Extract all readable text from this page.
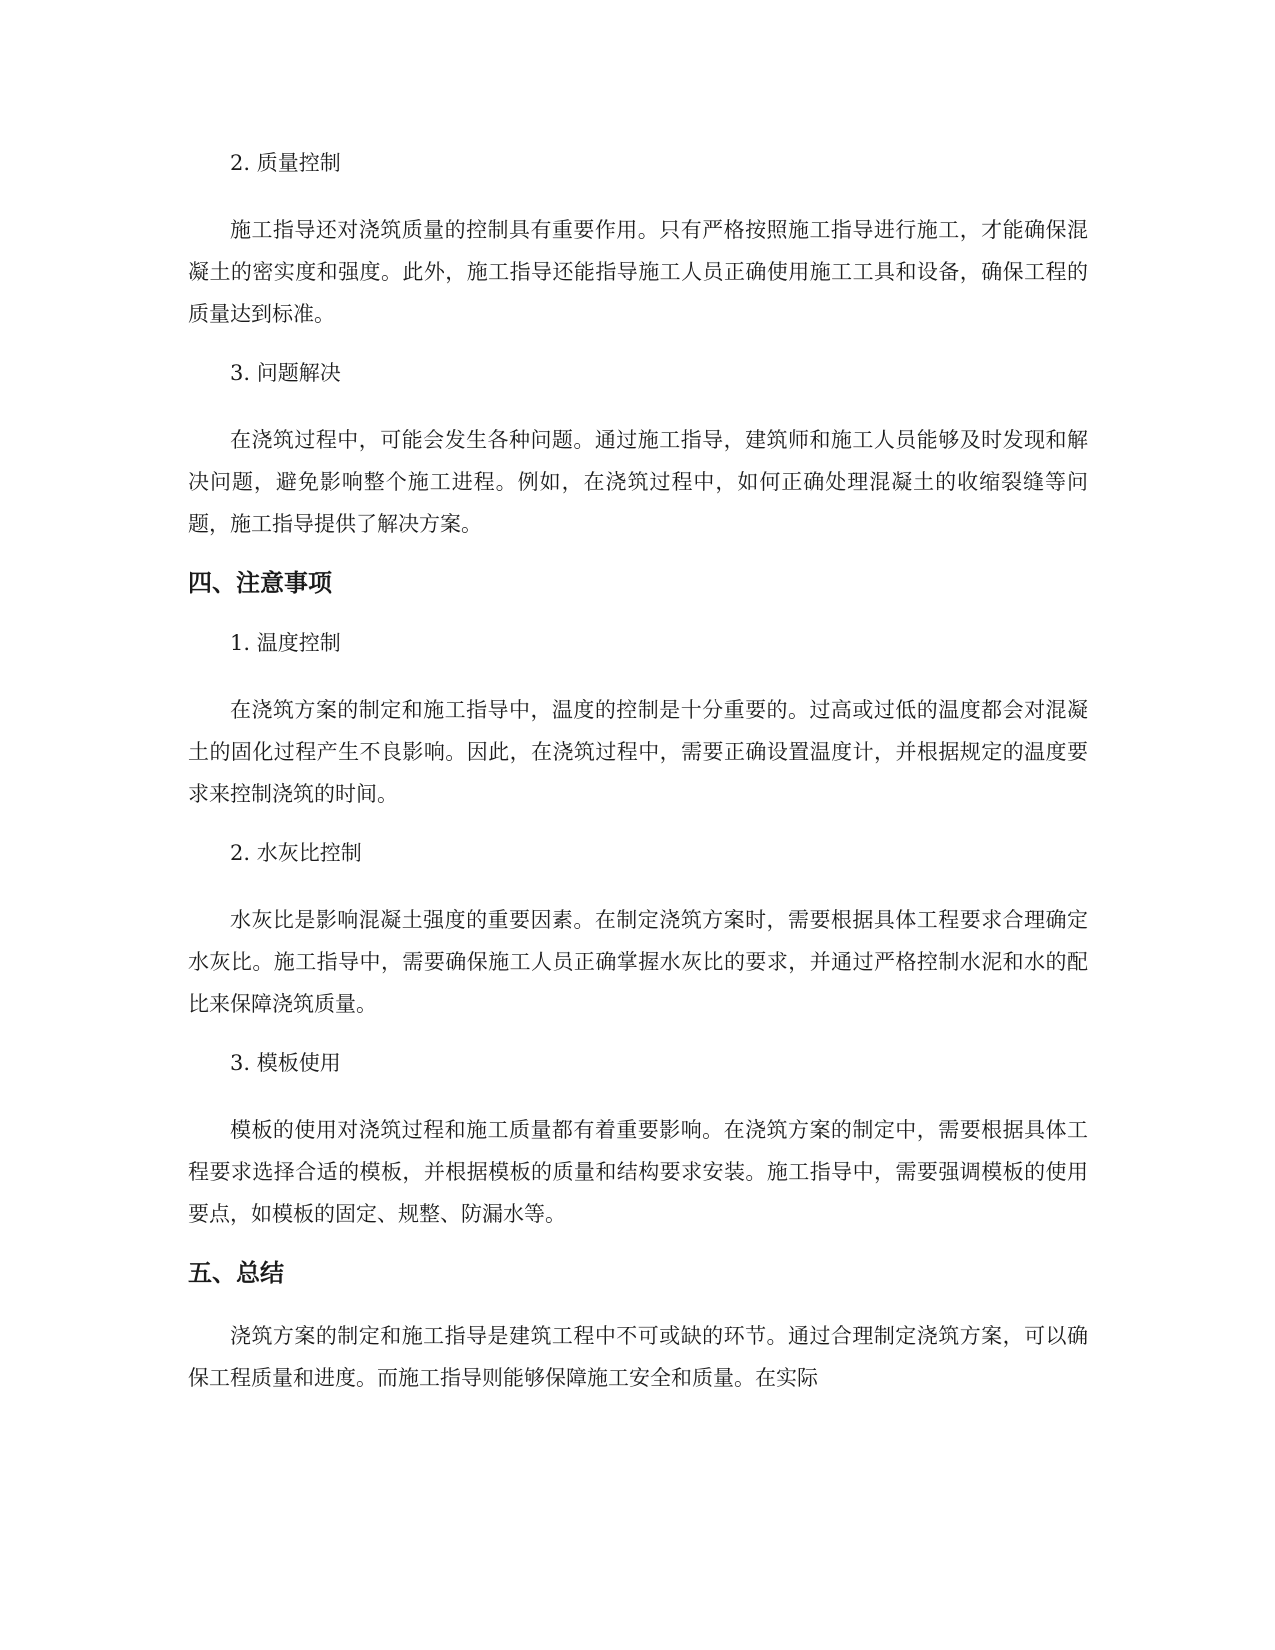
2. 质量控制

施工指导还对浇筑质量的控制具有重要作用。只有严格按照施工指导进行施工，才能确保混凝土的密实度和强度。此外，施工指导还能指导施工人员正确使用施工工具和设备，确保工程的质量达到标准。

3. 问题解决

在浇筑过程中，可能会发生各种问题。通过施工指导，建筑师和施工人员能够及时发现和解决问题，避免影响整个施工进程。例如，在浇筑过程中，如何正确处理混凝土的收缩裂缝等问题，施工指导提供了解决方案。

四、注意事项
1. 温度控制

在浇筑方案的制定和施工指导中，温度的控制是十分重要的。过高或过低的温度都会对混凝土的固化过程产生不良影响。因此，在浇筑过程中，需要正确设置温度计，并根据规定的温度要求来控制浇筑的时间。

2. 水灰比控制

水灰比是影响混凝土强度的重要因素。在制定浇筑方案时，需要根据具体工程要求合理确定水灰比。施工指导中，需要确保施工人员正确掌握水灰比的要求，并通过严格控制水泥和水的配比来保障浇筑质量。

3. 模板使用

模板的使用对浇筑过程和施工质量都有着重要影响。在浇筑方案的制定中，需要根据具体工程要求选择合适的模板，并根据模板的质量和结构要求安装。施工指导中，需要强调模板的使用要点，如模板的固定、规整、防漏水等。

五、总结

浇筑方案的制定和施工指导是建筑工程中不可或缺的环节。通过合理制定浇筑方案，可以确保工程质量和进度。而施工指导则能够保障施工安全和质量。在实际
